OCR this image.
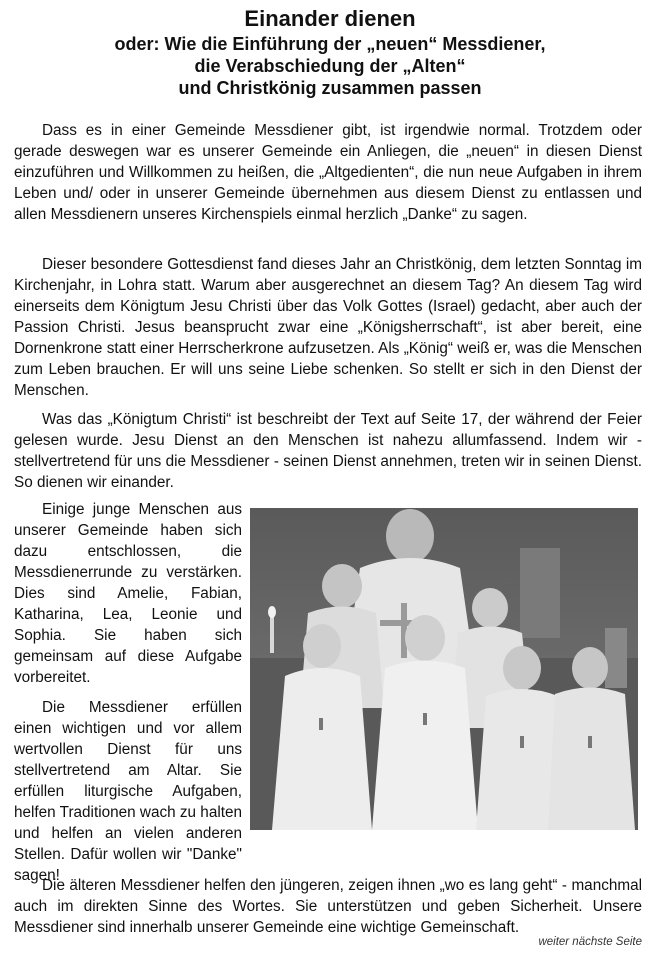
Einander dienen
oder: Wie die Einführung der „neuen“ Messdiener,
die Verabschiedung der „Alten“
und Christkönig zusammen passen

Dass es in einer Gemeinde Messdiener gibt, ist irgendwie normal. Trotzdem oder gerade deswegen war es unserer Gemeinde ein Anliegen, die „neuen“ in diesen Dienst einzuführen und Willkommen zu heißen, die „Altgedienten“, die nun neue Aufgaben in ihrem Leben und/ oder in unserer Gemeinde übernehmen aus diesem Dienst zu entlassen und allen Messdienern unseres Kirchenspiels einmal herzlich „Danke“ zu sagen.

Dieser besondere Gottesdienst fand dieses Jahr an Christkönig, dem letzten Sonntag im Kirchenjahr, in Lohra statt. Warum aber ausgerechnet an diesem Tag? An diesem Tag wird einerseits dem Königtum Jesu Christi über das Volk Gottes (Israel) gedacht, aber auch der Passion Christi. Jesus beansprucht zwar eine „Königsherrschaft“, ist aber bereit, eine Dornenkrone statt einer Herrscherkrone aufzusetzen. Als „König“ weiß er, was die Menschen zum Leben brauchen. Er will uns seine Liebe schenken. So stellt er sich in den Dienst der Menschen.

Was das „Königtum Christi“ ist beschreibt der Text auf Seite 17, der während der Feier gelesen wurde. Jesu Dienst an den Menschen ist nahezu allumfassend. Indem wir - stellvertretend für uns die Messdiener - seinen Dienst annehmen, treten wir in seinen Dienst. So dienen wir einander.

Einige junge Menschen aus unserer Gemeinde haben sich dazu entschlossen, die Messdienerrunde zu verstärken. Dies sind Amelie, Fabian, Katharina, Lea, Leonie und Sophia. Sie haben sich gemeinsam auf diese Aufgabe vorbereitet.

Die Messdiener erfüllen einen wichtigen und vor allem wertvollen Dienst für uns stellvertretend am Altar. Sie erfüllen liturgische Aufgaben, helfen Traditionen wach zu halten und helfen an vielen anderen Stellen. Dafür wollen wir "Danke" sagen!

Die älteren Messdiener helfen den jüngeren, zeigen ihnen „wo es lang geht“ - manchmal auch im direkten Sinne des Wortes. Sie unterstützen und geben Sicherheit. Unsere Messdiener sind innerhalb unserer Gemeinde eine wichtige Gemeinschaft.

weiter nächste Seite
